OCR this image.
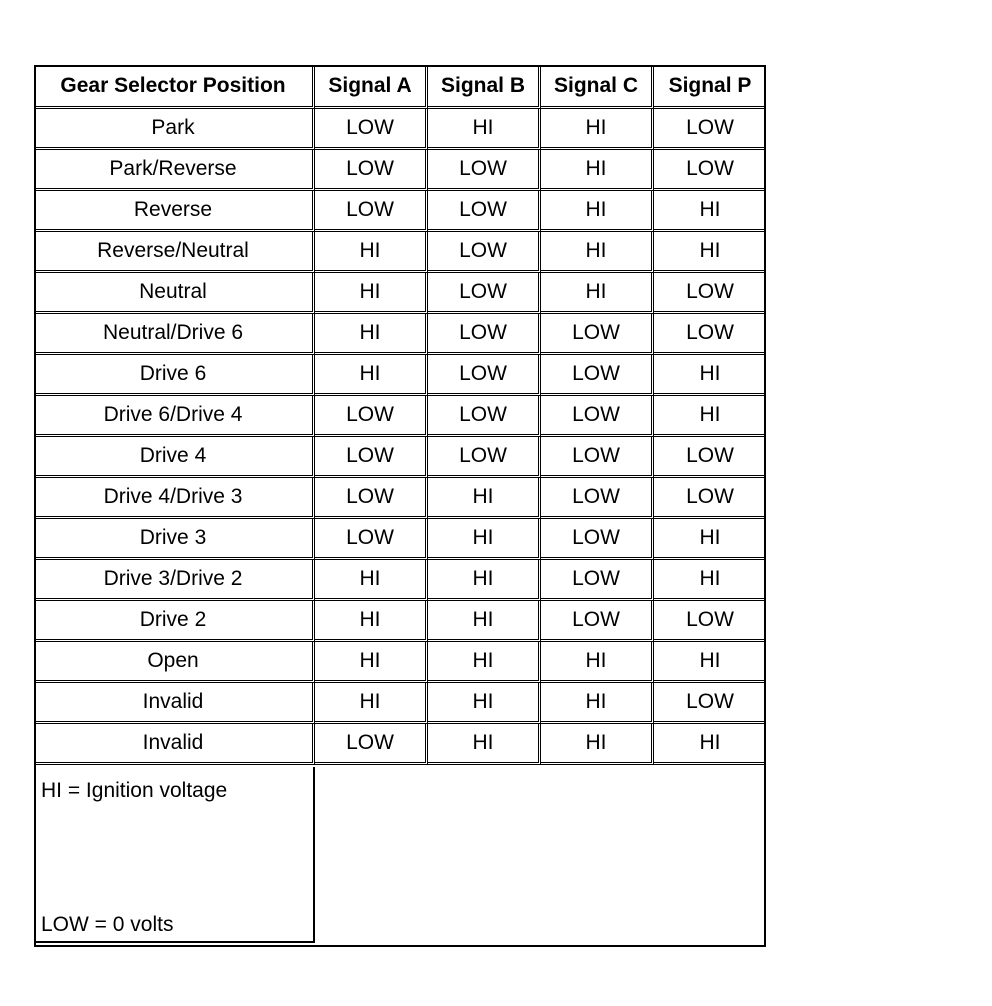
Gear Selector Position	Signal A	Signal B	Signal C	Signal P
Park	LOW	HI	HI	LOW
Park/Reverse	LOW	LOW	HI	LOW
Reverse	LOW	LOW	HI	HI
Reverse/Neutral	HI	LOW	HI	HI
Neutral	HI	LOW	HI	LOW
Neutral/Drive 6	HI	LOW	LOW	LOW
Drive 6	HI	LOW	LOW	HI
Drive 6/Drive 4	LOW	LOW	LOW	HI
Drive 4	LOW	LOW	LOW	LOW
Drive 4/Drive 3	LOW	HI	LOW	LOW
Drive 3	LOW	HI	LOW	HI
Drive 3/Drive 2	HI	HI	LOW	HI
Drive 2	HI	HI	LOW	LOW
Open	HI	HI	HI	HI
Invalid	HI	HI	HI	LOW
Invalid	LOW	HI	HI	HI
HI = Ignition voltage
LOW = 0 volts
